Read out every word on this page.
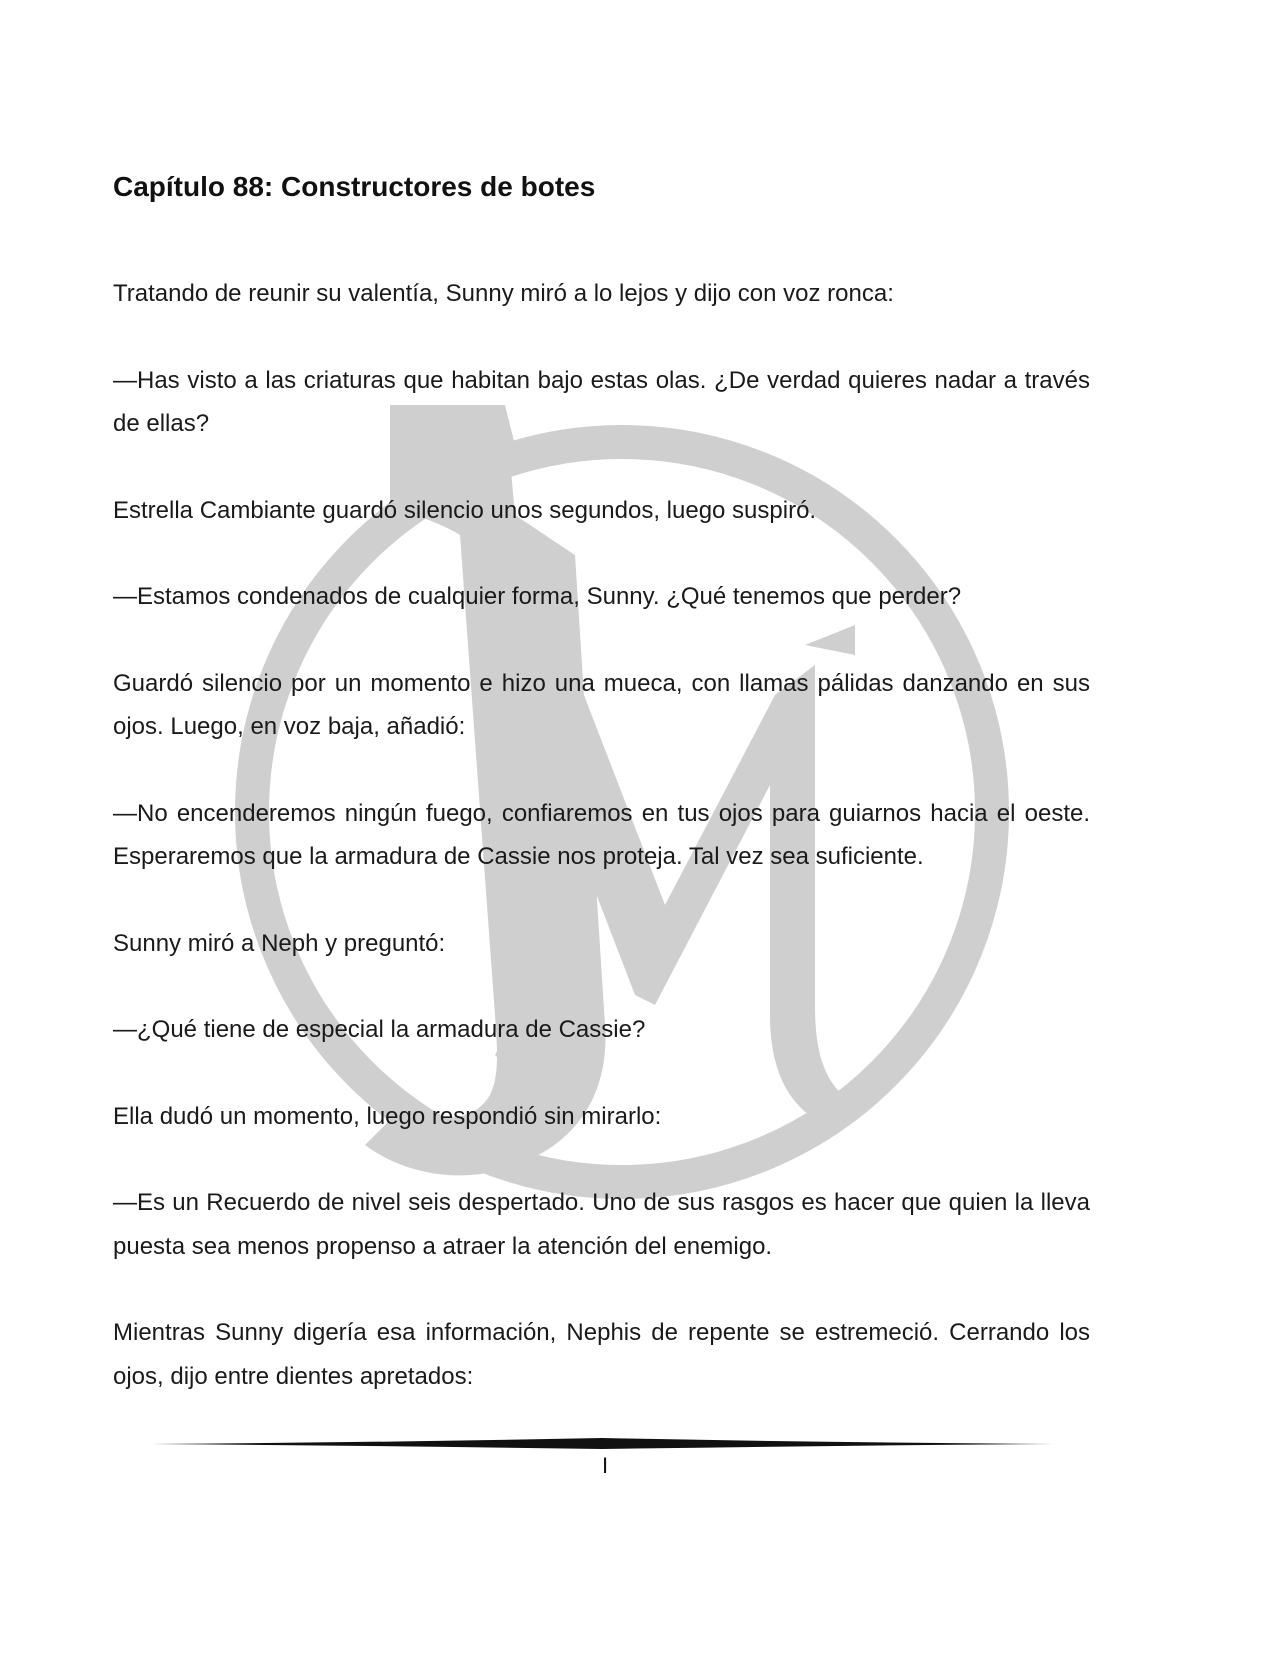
Capítulo 88: Constructores de botes

Tratando de reunir su valentía, Sunny miró a lo lejos y dijo con voz ronca:

—Has visto a las criaturas que habitan bajo estas olas. ¿De verdad quieres nadar a través de ellas?

Estrella Cambiante guardó silencio unos segundos, luego suspiró.

—Estamos condenados de cualquier forma, Sunny. ¿Qué tenemos que perder?

Guardó silencio por un momento e hizo una mueca, con llamas pálidas danzando en sus ojos. Luego, en voz baja, añadió:

—No encenderemos ningún fuego, confiaremos en tus ojos para guiarnos hacia el oeste. Esperaremos que la armadura de Cassie nos proteja. Tal vez sea suficiente.

Sunny miró a Neph y preguntó:

—¿Qué tiene de especial la armadura de Cassie?

Ella dudó un momento, luego respondió sin mirarlo:

—Es un Recuerdo de nivel seis despertado. Uno de sus rasgos es hacer que quien la lleva puesta sea menos propenso a atraer la atención del enemigo.

Mientras Sunny digería esa información, Nephis de repente se estremeció. Cerrando los ojos, dijo entre dientes apretados:

I
